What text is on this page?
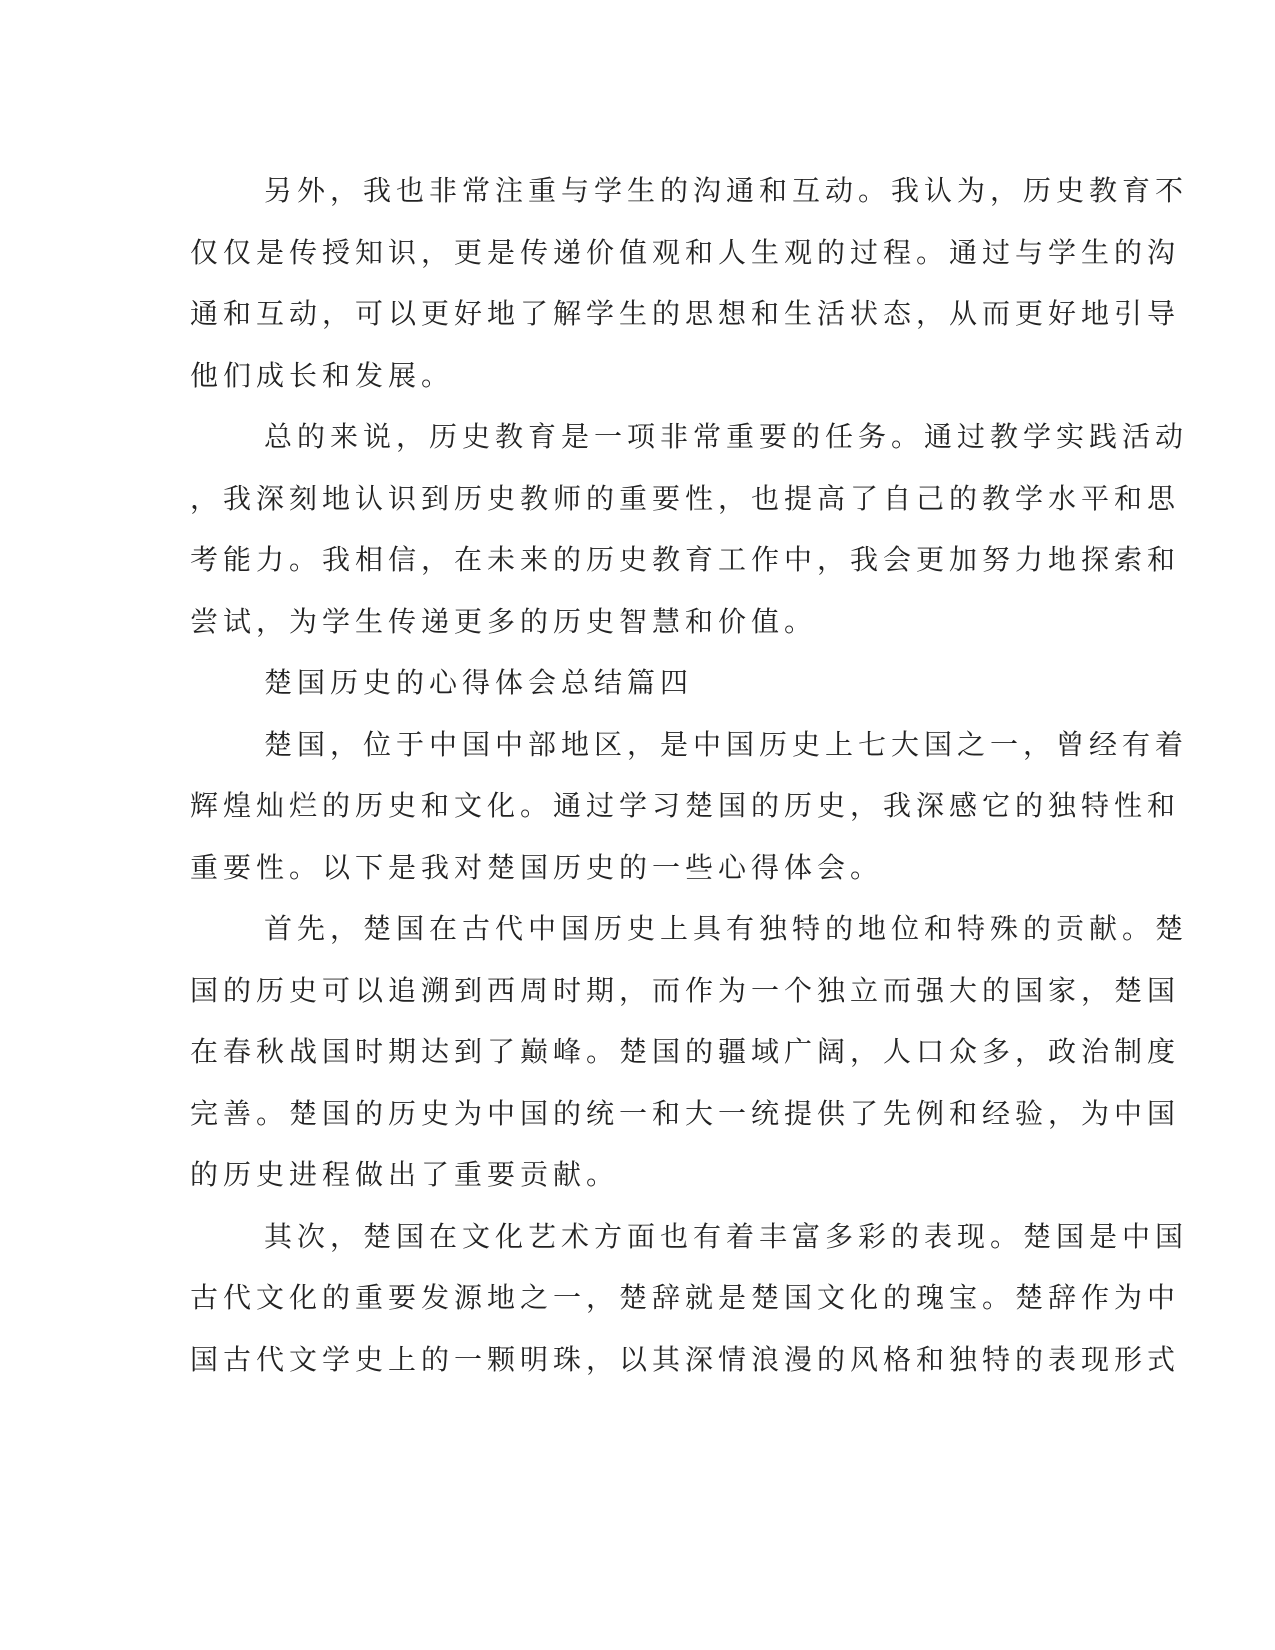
另外，我也非常注重与学生的沟通和互动。我认为，历史教育不
仅仅是传授知识，更是传递价值观和人生观的过程。通过与学生的沟
通和互动，可以更好地了解学生的思想和生活状态，从而更好地引导
他们成长和发展。
总的来说，历史教育是一项非常重要的任务。通过教学实践活动
，我深刻地认识到历史教师的重要性，也提高了自己的教学水平和思
考能力。我相信，在未来的历史教育工作中，我会更加努力地探索和
尝试，为学生传递更多的历史智慧和价值。
楚国历史的心得体会总结篇四
楚国，位于中国中部地区，是中国历史上七大国之一，曾经有着
辉煌灿烂的历史和文化。通过学习楚国的历史，我深感它的独特性和
重要性。以下是我对楚国历史的一些心得体会。
首先，楚国在古代中国历史上具有独特的地位和特殊的贡献。楚
国的历史可以追溯到西周时期，而作为一个独立而强大的国家，楚国
在春秋战国时期达到了巅峰。楚国的疆域广阔，人口众多，政治制度
完善。楚国的历史为中国的统一和大一统提供了先例和经验，为中国
的历史进程做出了重要贡献。
其次，楚国在文化艺术方面也有着丰富多彩的表现。楚国是中国
古代文化的重要发源地之一，楚辞就是楚国文化的瑰宝。楚辞作为中
国古代文学史上的一颗明珠，以其深情浪漫的风格和独特的表现形式
